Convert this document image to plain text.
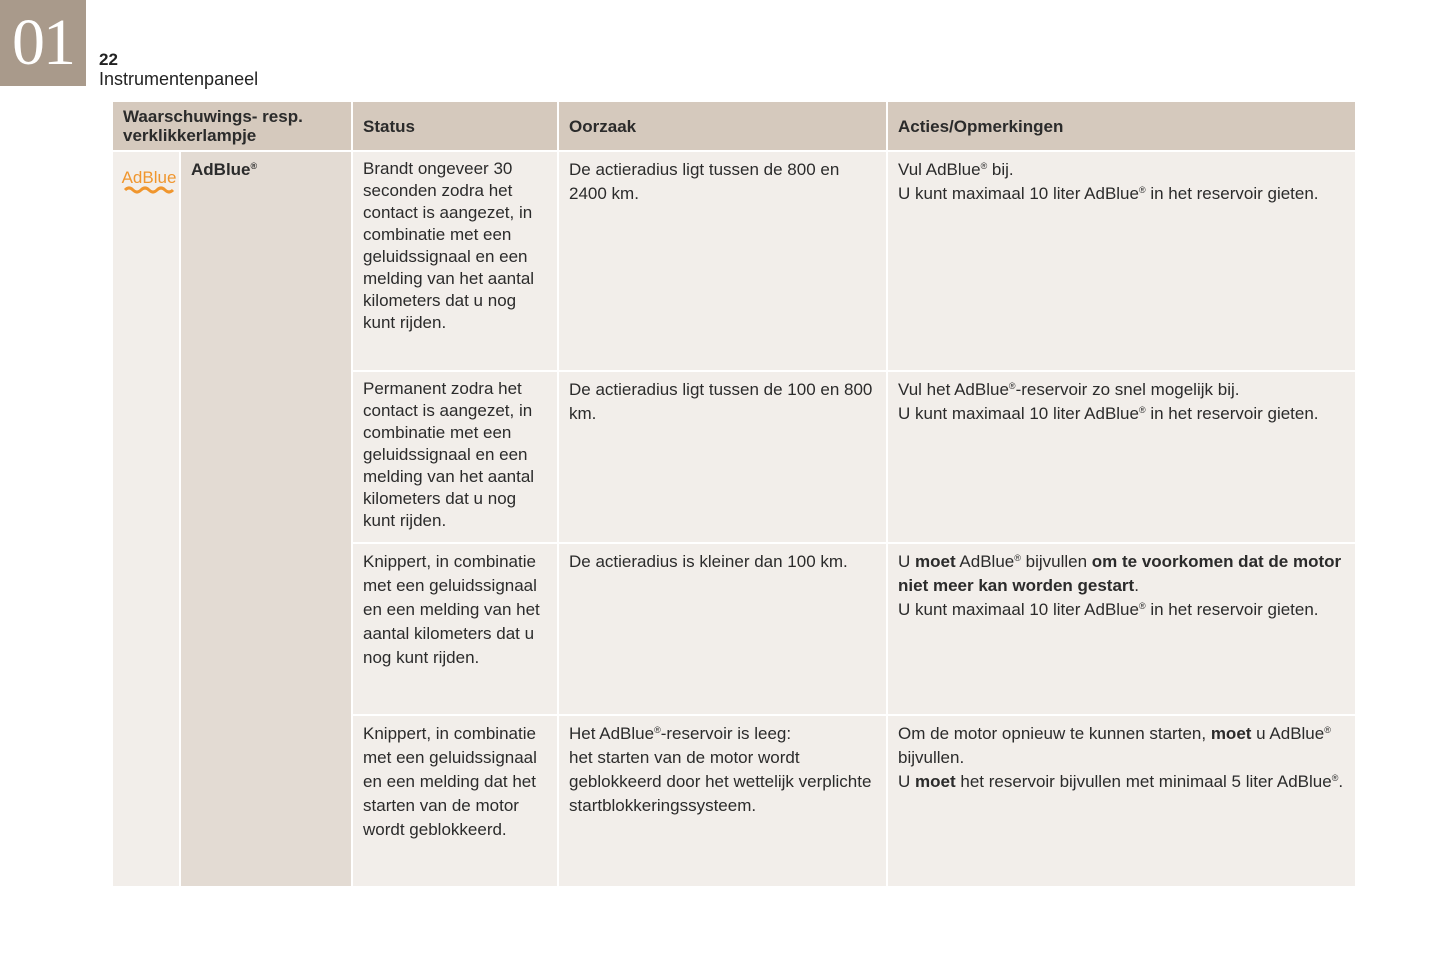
01	22
Instrumentenpaneel
Waarschuwings- resp. verklikkerlampje		Status	Oorzaak	Acties/Opmerkingen

AdBlue	AdBlue®	Brandt ongeveer 30 seconden zodra het contact is aangezet, in combinatie met een geluidssignaal en een melding van het aantal kilometers dat u nog kunt rijden.	De actieradius ligt tussen de 800 en 2400 km.	Vul AdBlue® bij.
U kunt maximaal 10 liter AdBlue® in het reservoir gieten.
		Permanent zodra het contact is aangezet, in combinatie met een geluidssignaal en een melding van het aantal kilometers dat u nog kunt rijden.	De actieradius ligt tussen de 100 en 800 km.	Vul het AdBlue®-reservoir zo snel mogelijk bij.
U kunt maximaal 10 liter AdBlue® in het reservoir gieten.
		Knippert, in combinatie met een geluidssignaal en een melding van het aantal kilometers dat u nog kunt rijden.	De actieradius is kleiner dan 100 km.	U moet AdBlue® bijvullen om te voorkomen dat de motor niet meer kan worden gestart.
U kunt maximaal 10 liter AdBlue® in het reservoir gieten.
		Knippert, in combinatie met een geluidssignaal en een melding dat het starten van de motor wordt geblokkeerd.	Het AdBlue®-reservoir is leeg:
het starten van de motor wordt geblokkeerd door het wettelijk verplichte startblokkeringssysteem.	Om de motor opnieuw te kunnen starten, moet u AdBlue® bijvullen.
U moet het reservoir bijvullen met minimaal 5 liter AdBlue®.
